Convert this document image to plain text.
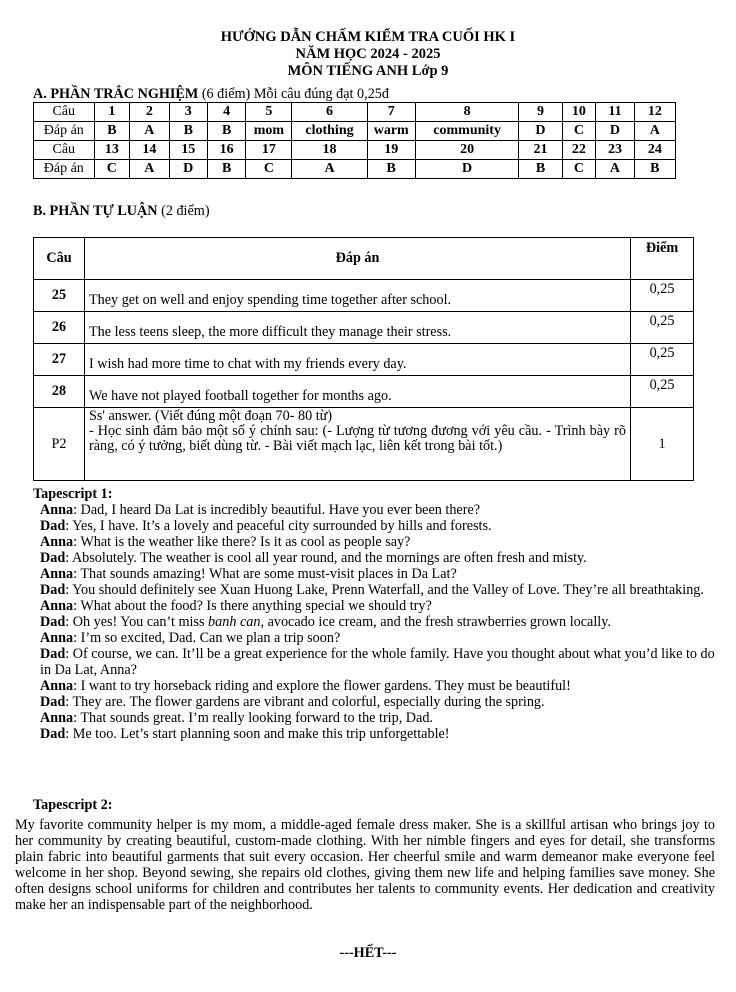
HƯỚNG DẪN CHẤM KIỂM TRA CUỐI HK I
NĂM HỌC 2024 - 2025
MÔN TIẾNG ANH Lớp 9
A. PHẦN TRẮC NGHIỆM (6 điểm) Mỗi câu đúng đạt 0,25đ
Câu	1	2	3	4	5	6	7	8	9	10	11	12
Đáp án	B	A	B	B	mom	clothing	warm	community	D	C	D	A
Câu	13	14	15	16	17	18	19	20	21	22	23	24
Đáp án	C	A	D	B	C	A	B	D	B	C	A	B
B. PHẦN TỰ LUẬN (2 điểm)
Câu	Đáp án	Điểm
25	They get on well and enjoy spending time together after school.	0,25
26	The less teens sleep, the more difficult they manage their stress.	0,25
27	I wish had more time to chat with my friends every day.	0,25
28	We have not played football together for months ago.	0,25
P2	Ss' answer. (Viết đúng một đoạn 70- 80 từ)
- Học sinh đảm bảo một số ý chính sau: (- Lượng từ tương đương với yêu cầu. - Trình bày rõ ràng, có ý tưởng, biết dùng từ. - Bài viết mạch lạc, liên kết trong bài tốt.)	1
Tapescript 1:
Anna: Dad, I heard Da Lat is incredibly beautiful. Have you ever been there?
Dad: Yes, I have. It’s a lovely and peaceful city surrounded by hills and forests.
Anna: What is the weather like there? Is it as cool as people say?
Dad: Absolutely. The weather is cool all year round, and the mornings are often fresh and misty.
Anna: That sounds amazing! What are some must-visit places in Da Lat?
Dad: You should definitely see Xuan Huong Lake, Prenn Waterfall, and the Valley of Love. They’re all breathtaking.
Anna: What about the food? Is there anything special we should try?
Dad: Oh yes! You can’t miss banh can, avocado ice cream, and the fresh strawberries grown locally.
Anna: I’m so excited, Dad. Can we plan a trip soon?
Dad: Of course, we can. It’ll be a great experience for the whole family. Have you thought about what you’d like to do in Da Lat, Anna?
Anna: I want to try horseback riding and explore the flower gardens. They must be beautiful!
Dad: They are. The flower gardens are vibrant and colorful, especially during the spring.
Anna: That sounds great. I’m really looking forward to the trip, Dad.
Dad: Me too. Let’s start planning soon and make this trip unforgettable!
Tapescript 2:
My favorite community helper is my mom, a middle-aged female dress maker. She is a skillful artisan who brings joy to her community by creating beautiful, custom-made clothing. With her nimble fingers and eyes for detail, she transforms plain fabric into beautiful garments that suit every occasion. Her cheerful smile and warm demeanor make everyone feel welcome in her shop. Beyond sewing, she repairs old clothes, giving them new life and helping families save money. She often designs school uniforms for children and contributes her talents to community events. Her dedication and creativity make her an indispensable part of the neighborhood.
---HẾT---
